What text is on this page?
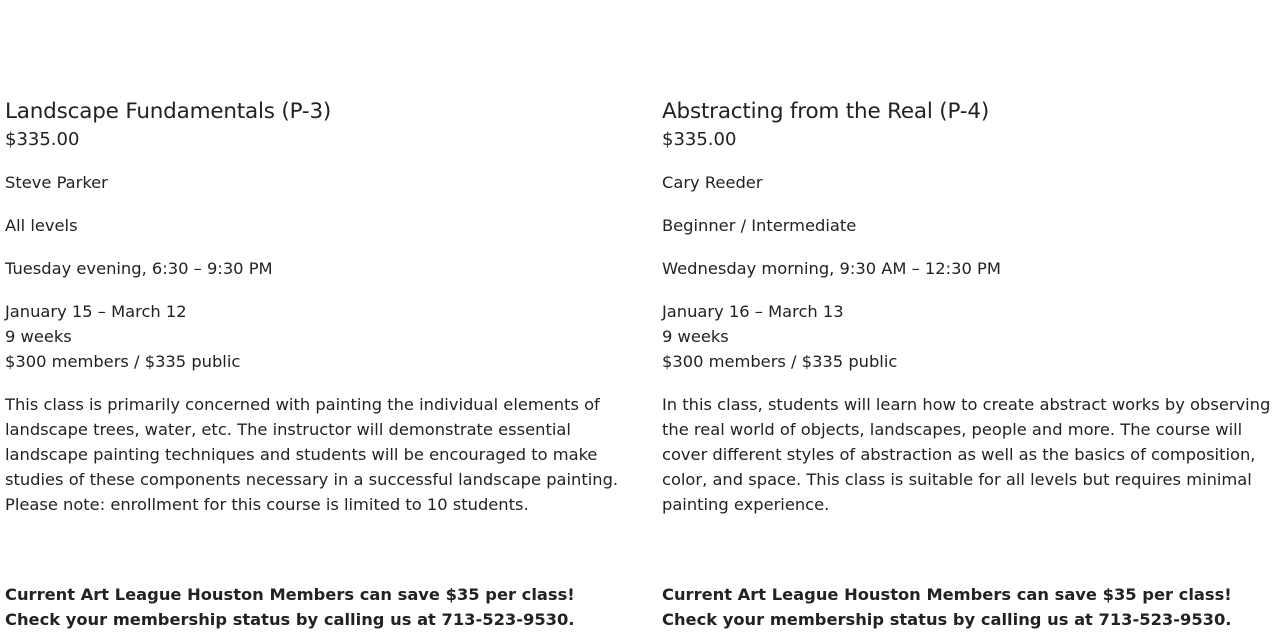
Landscape Fundamentals (P-3)

$335.00

Steve Parker

All levels

Tuesday evening, 6:30 – 9:30 PM

January 15 – March 12

9 weeks

$300 members / $335 public

This class is primarily concerned with painting the individual elements of landscape trees, water, etc. The instructor will demonstrate essential landscape painting techniques and students will be encouraged to make studies of these components necessary in a successful landscape painting. Please note: enrollment for this course is limited to 10 students.

Current Art League Houston Members can save $35 per class! Check your membership status by calling us at 713-523-9530.

Abstracting from the Real (P-4)

$335.00

Cary Reeder

Beginner / Intermediate

Wednesday morning, 9:30 AM – 12:30 PM

January 16 – March 13

9 weeks

$300 members / $335 public

In this class, students will learn how to create abstract works by observing the real world of objects, landscapes, people and more. The course will cover different styles of abstraction as well as the basics of composition, color, and space. This class is suitable for all levels but requires minimal painting experience.

Current Art League Houston Members can save $35 per class! Check your membership status by calling us at 713-523-9530.
